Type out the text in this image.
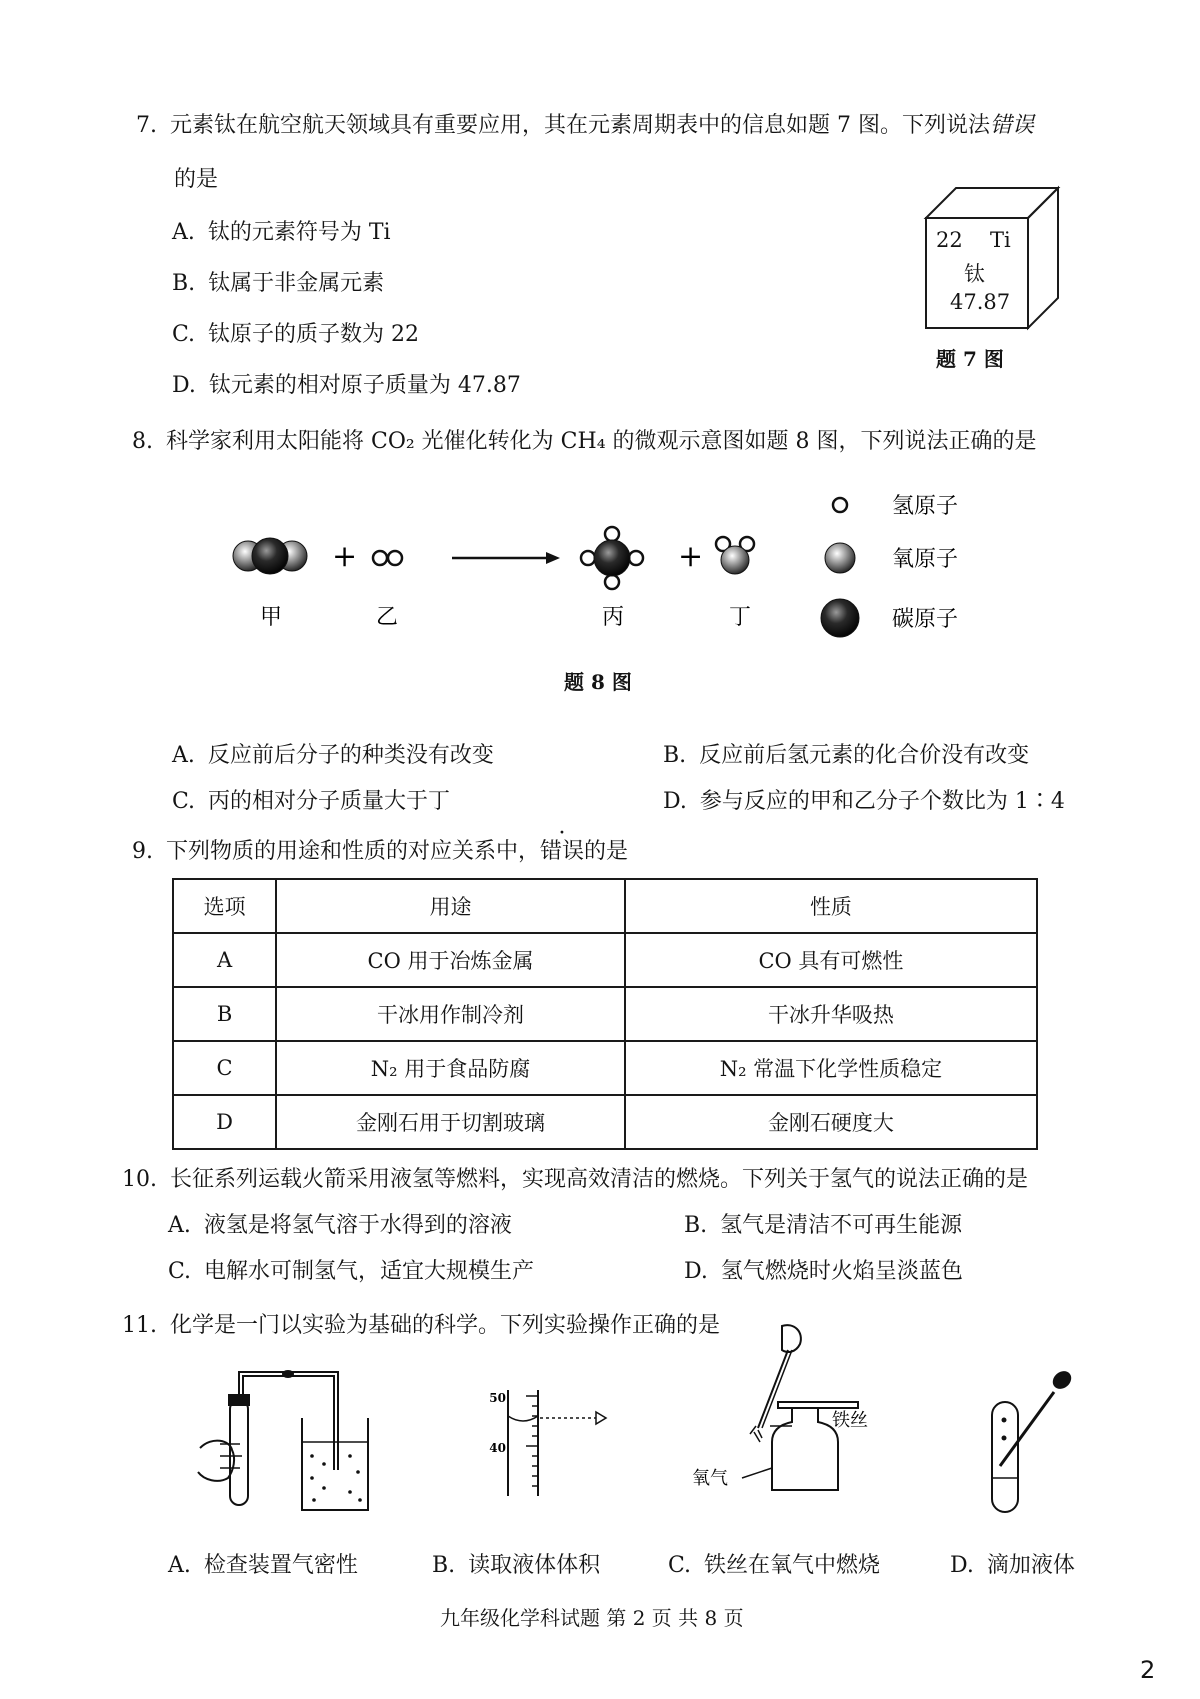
7. 元素钛在航空航天领域具有重要应用，其在元素周期表中的信息如题 7 图。下列说法错误
的是
A. 钛的元素符号为 Ti
B. 钛属于非金属元素
C. 钛原子的质子数为 22
D. 钛元素的相对原子质量为 47.87
22 Ti
钛
47.87
题 7 图
8. 科学家利用太阳能将 CO₂ 光催化转化为 CH₄ 的微观示意图如题 8 图，下列说法正确的是
+	+
氢原子
氧原子
碳原子
甲	乙	丙	丁
题 8 图
A. 反应前后分子的种类没有改变	B. 反应前后氢元素的化合价没有改变
C. 丙的相对分子质量大于丁	D. 参与反应的甲和乙分子个数比为 1∶4
9. 下列物质的用途和性质的对应关系中，错误的是
选项	用途	性质
A	CO 用于冶炼金属	CO 具有可燃性
B	干冰用作制冷剂	干冰升华吸热
C	N₂ 用于食品防腐	N₂ 常温下化学性质稳定
D	金刚石用于切割玻璃	金刚石硬度大
10. 长征系列运载火箭采用液氢等燃料，实现高效清洁的燃烧。下列关于氢气的说法正确的是
A. 液氢是将氢气溶于水得到的溶液	B. 氢气是清洁不可再生能源
C. 电解水可制氢气，适宜大规模生产	D. 氢气燃烧时火焰呈淡蓝色
11. 化学是一门以实验为基础的科学。下列实验操作正确的是
50
40
铁丝
氧气
A. 检查装置气密性	B. 读取液体体积	C. 铁丝在氧气中燃烧	D. 滴加液体
九年级化学科试题 第 2 页 共 8 页
2
